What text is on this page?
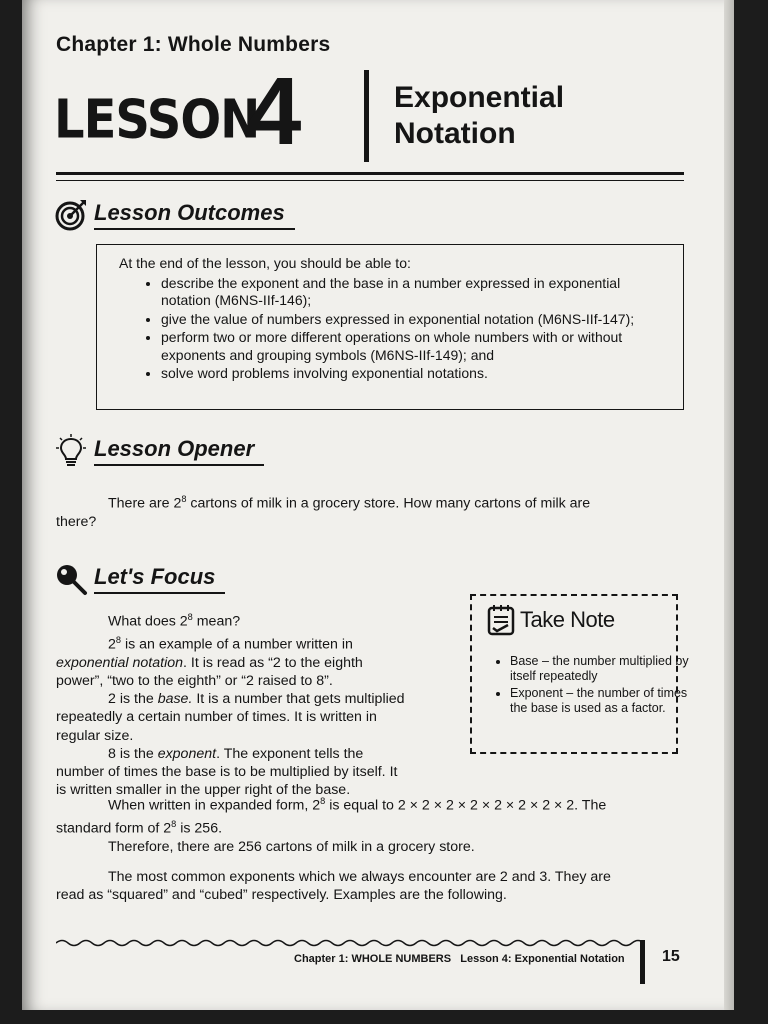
Chapter 1: Whole Numbers
LESSON
4	Exponential
Notation
Lesson Outcomes
At the end of the lesson, you should be able to:
• describe the exponent and the base in a number expressed in exponential notation (M6NS-IIf-146);
• give the value of numbers expressed in exponential notation (M6NS-IIf-147);
• perform two or more different operations on whole numbers with or without exponents and grouping symbols (M6NS-IIf-149); and
• solve word problems involving exponential notations.
Lesson Opener

There are $2^8$ cartons of milk in a grocery store. How many cartons of milk are

there?

Let's Focus

What does $2^8$ mean?

$2^8$ is an example of a number written in

exponential notation. It is read as “2 to the eighth

power”, “two to the eighth” or “2 raised to 8”.

2 is the base. It is a number that gets multiplied

repeatedly a certain number of times. It is written in

regular size.

8 is the exponent. The exponent tells the

number of times the base is to be multiplied by itself. It

is written smaller in the upper right of the base.

When written in expanded form, $2^8$ is equal to 2 × 2 × 2 × 2 × 2 × 2 × 2 × 2. The

standard form of $2^8$ is 256.

Therefore, there are 256 cartons of milk in a grocery store.

The most common exponents which we always encounter are 2 and 3. They are

read as “squared” and “cubed” respectively. Examples are the following.

Take Note
• Base – the number multiplied by itself repeatedly
• Exponent – the number of times the base is used as a factor.
Chapter 1: WHOLE NUMBERS Lesson 4: Exponential Notation 15
